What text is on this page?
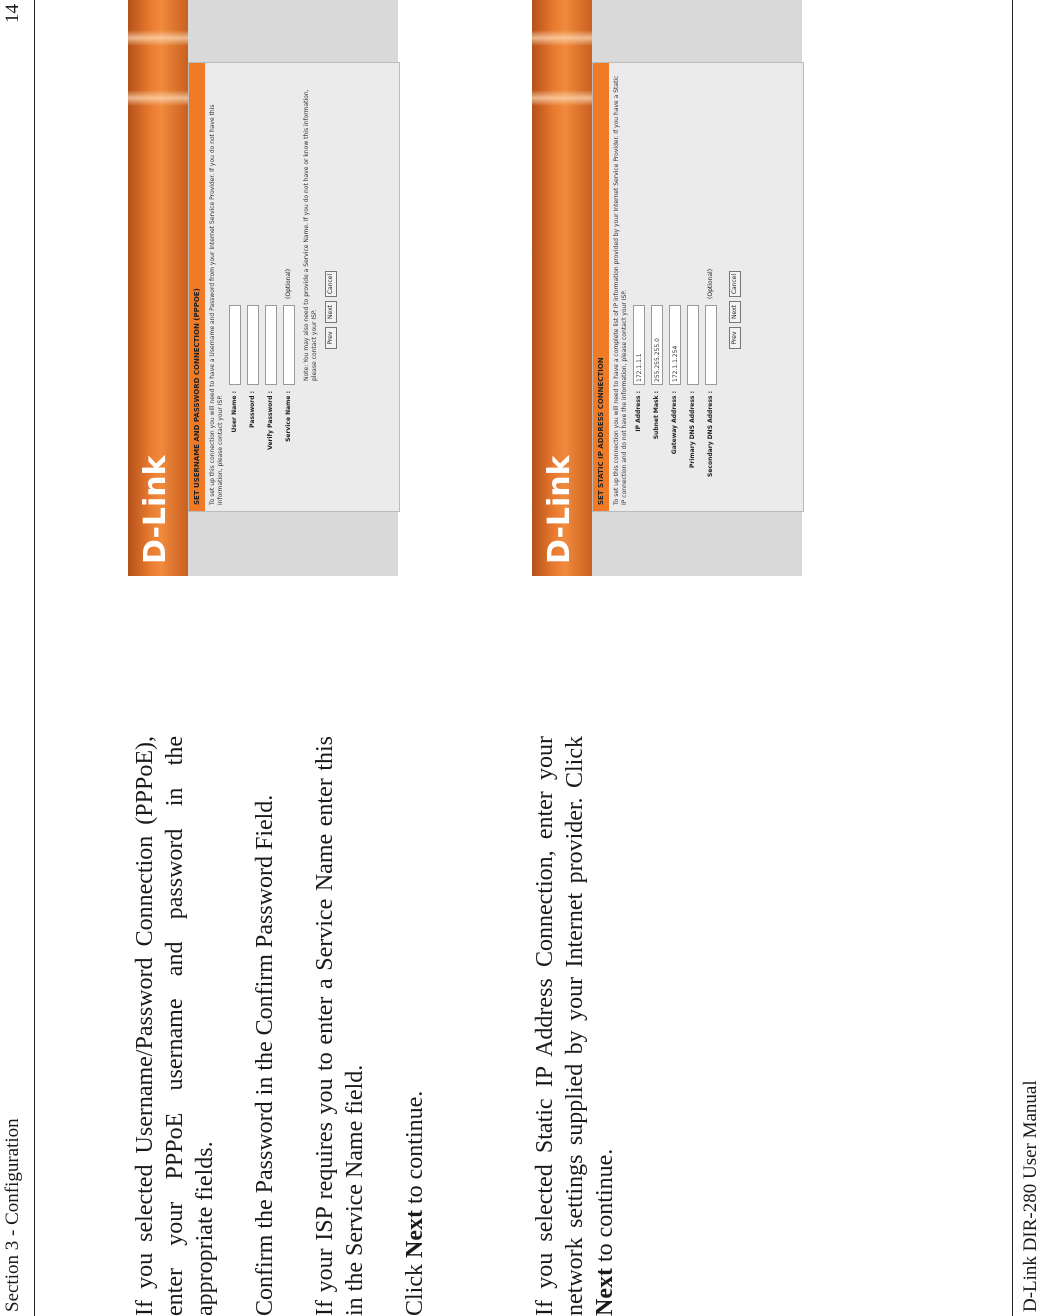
Section 3 - Configuration
14
If you selected Username/Password Connection (PPPoE), enter your PPPoE username and password in the appropriate fields. Confirm the Password in the Confirm Password Field. If your ISP requires you to enter a Service Name enter this in the Service Name field. Click Next to continue.
D-Link
SET USERNAME AND PASSWORD CONNECTION (PPPOE)	To set up this connection you will need to have a Username and Password from your Internet Service Provider. If you do not have this information, please contact your ISP.	User Name : Password : Verify Password : Service Name :
(Optional) Note: You may also need to provide a Service Name. If you do not have or know this information, please contact your ISP.	Prev
Next
Cancel
If you selected Static IP Address Connection, enter your network settings supplied by your Internet provider. Click Next to continue.
D-Link
SET STATIC IP ADDRESS CONNECTION	To set up this connection you will need to have a complete list of IP information provided by your Internet Service Provider. If you have a Static IP connection and do not have the information, please contact your ISP.	IP Address :
172.1.1.1
Subnet Mask :
255.255.255.0
Gateway Address :
172.1.1.254
Primary DNS Address : Secondary DNS Address :
(Optional)
Prev
Next
Cancel
D-Link DIR-280 User Manual
